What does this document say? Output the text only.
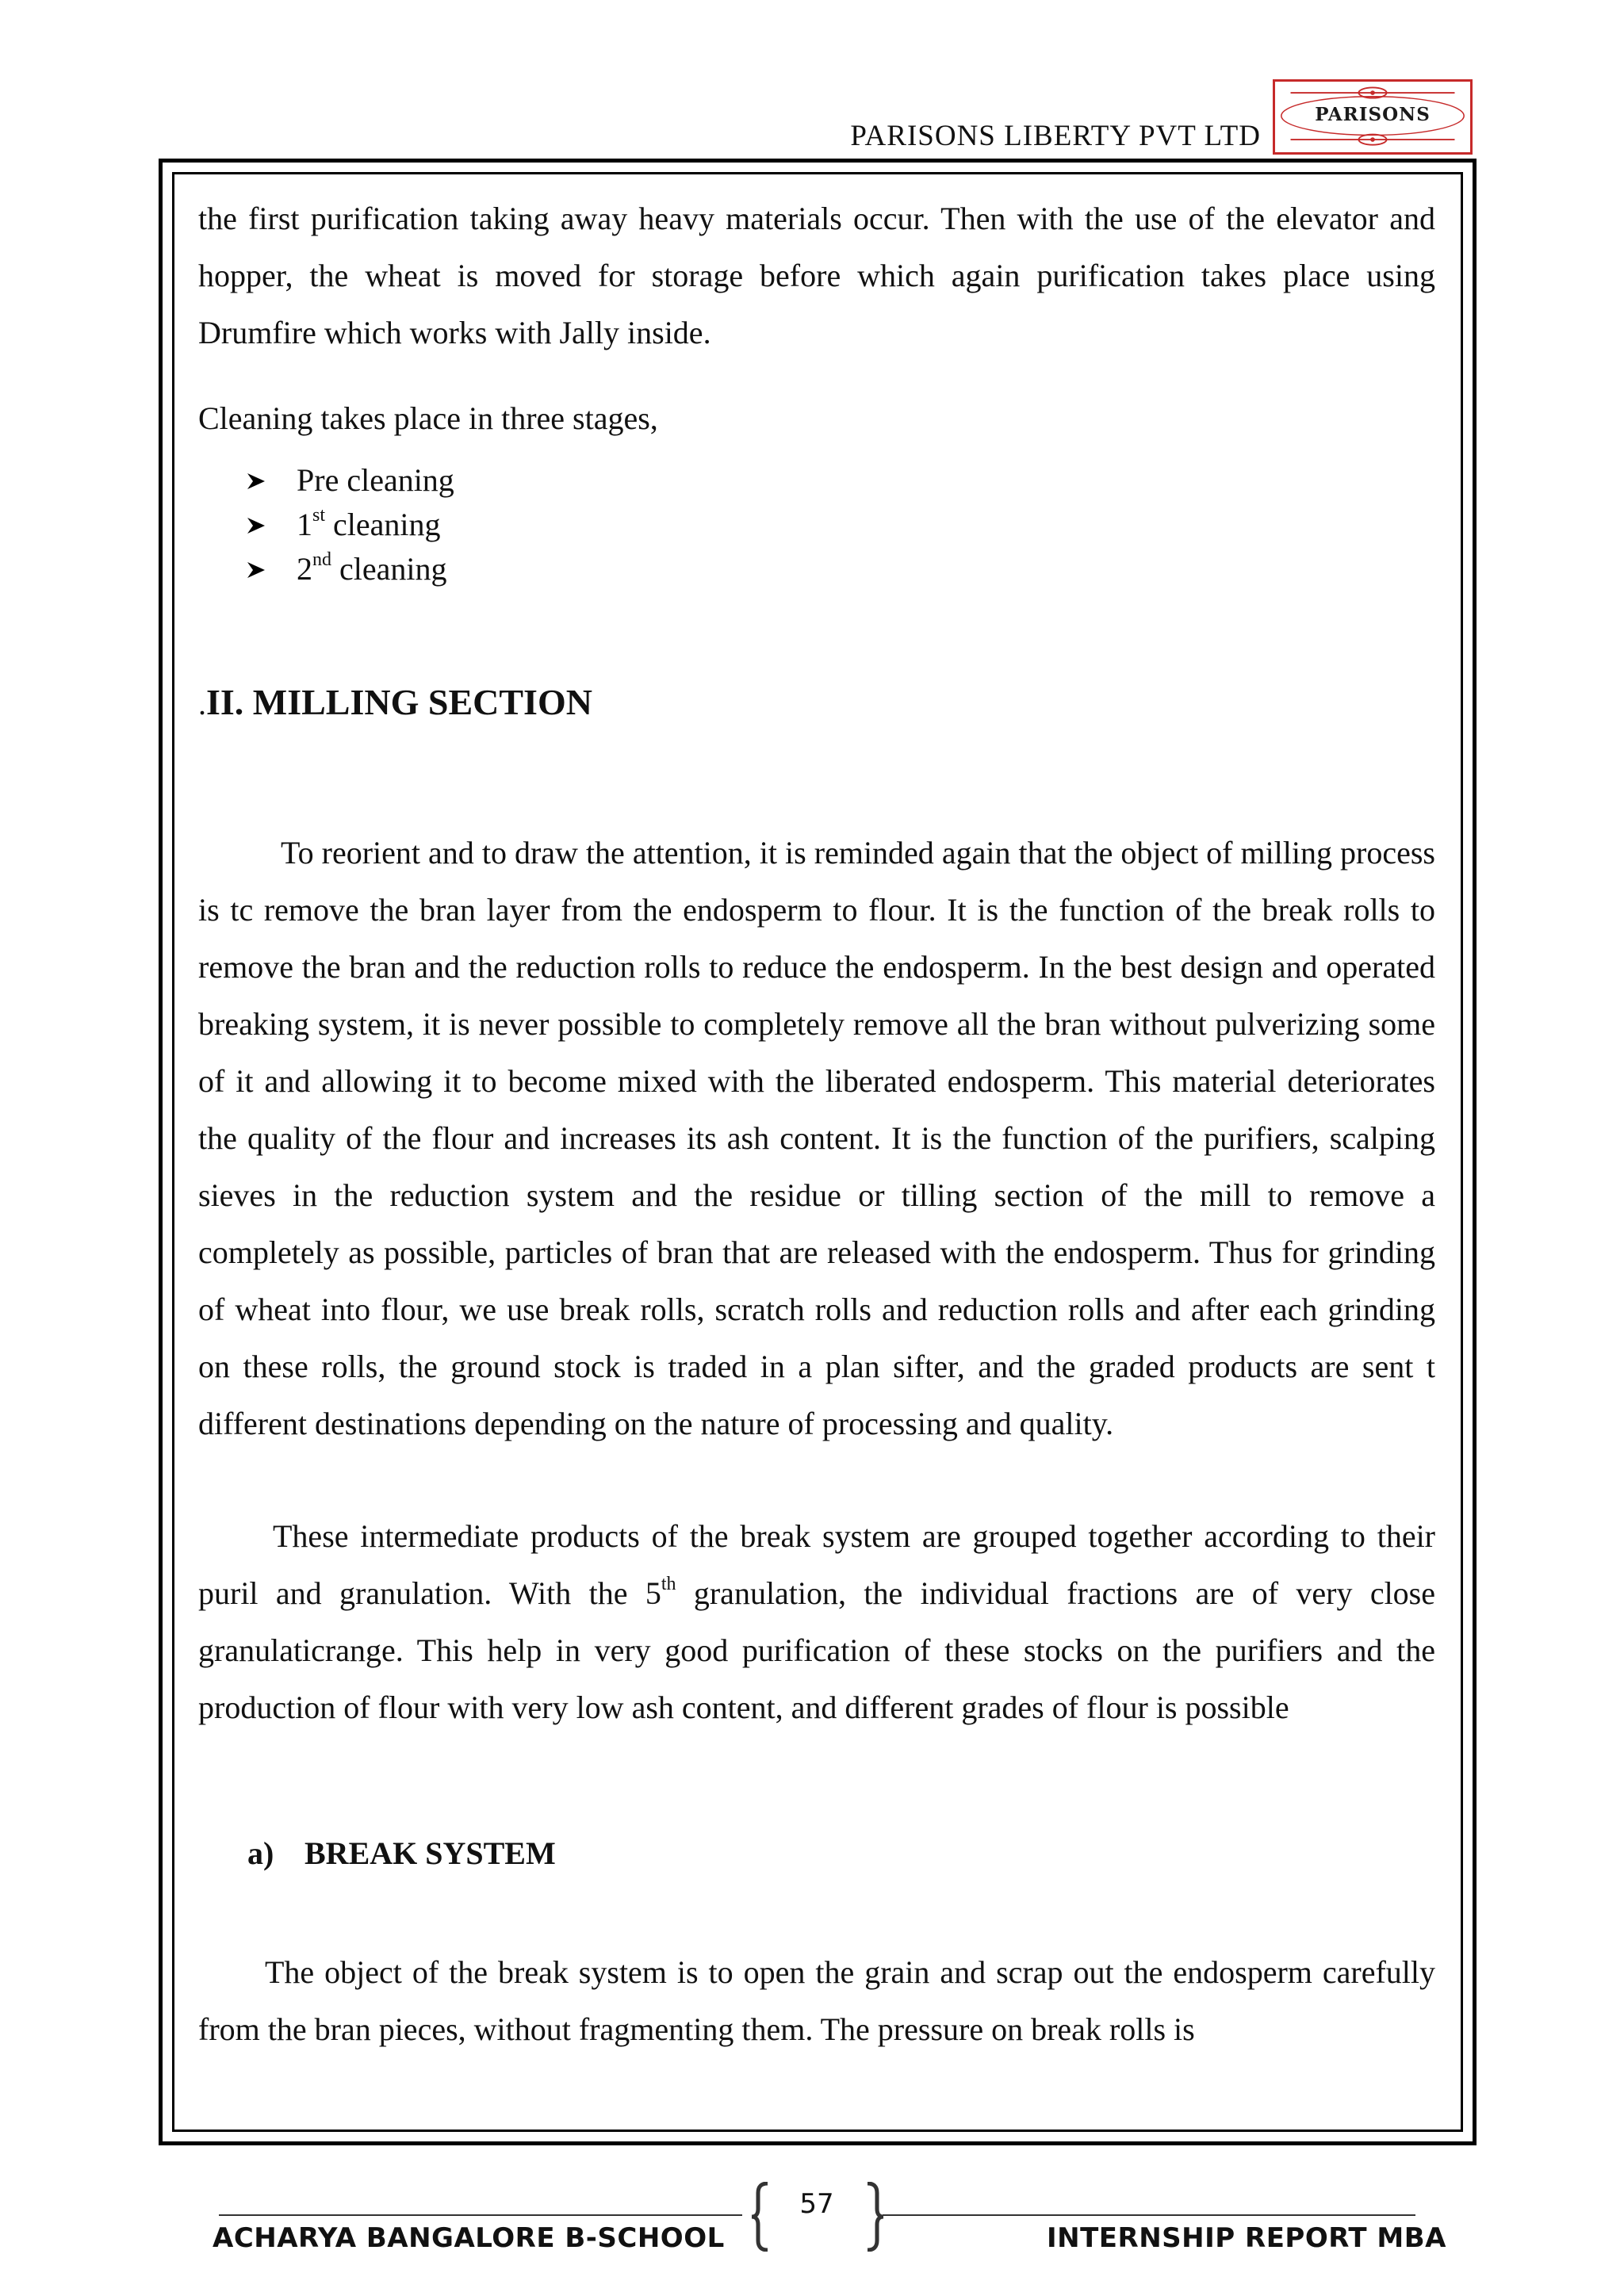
PARISONS LIBERTY PVT LTD
PARISONS

the first purification taking away heavy materials occur. Then with the use of the elevator and hopper, the wheat is moved for storage before which again purification takes place using Drumfire which works with Jally inside.

Cleaning takes place in three stages,

Pre cleaning
1st cleaning
2nd cleaning
.II. MILLING SECTION

To reorient and to draw the attention, it is reminded again that the object of milling process is tc remove the bran layer from the endosperm to flour. It is the function of the break rolls to remove the bran and the reduction rolls to reduce the endosperm. In the best design and operated breaking system, it is never possible to completely remove all the bran without pulverizing some of it and allowing it to become mixed with the liberated endosperm. This material deteriorates the quality of the flour and increases its ash content. It is the function of the purifiers, scalping sieves in the reduction system and the residue or tilling section of the mill to remove a completely as possible, particles of bran that are released with the endosperm. Thus for grinding of wheat into flour, we use break rolls, scratch rolls and reduction rolls and after each grinding on these rolls, the ground stock is traded in a plan sifter, and the graded products are sent t different destinations depending on the nature of processing and quality.

These intermediate products of the break system are grouped together according to their puril and granulation. With the 5th granulation, the individual fractions are of very close granulaticrange. This help in very good purification of these stocks on the purifiers and the production of flour with very low ash content, and different grades of flour is possible

a) BREAK SYSTEM

The object of the break system is to open the grain and scrap out the endosperm carefully from the bran pieces, without fragmenting them. The pressure on break rolls is

57
ACHARYA BANGALORE B-SCHOOL	INTERNSHIP REPORT MBA
